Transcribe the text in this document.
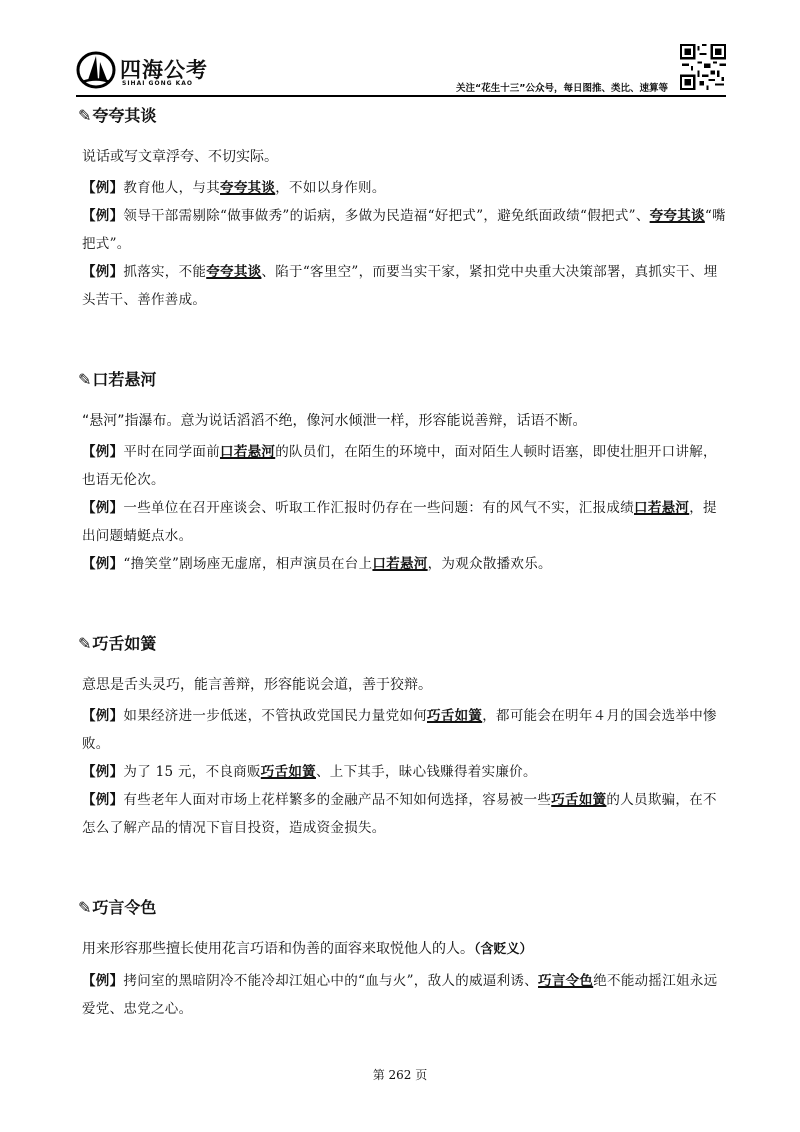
四海公考
SIHAI GONG KAO	关注“花生十三”公众号，每日图推、类比、速算等
✎夸夸其谈

说话或写文章浮夸、不切实际。

【例】教育他人，与其夸夸其谈，不如以身作则。

【例】领导干部需剔除“做事做秀”的诟病，多做为民造福“好把式”，避免纸面政绩“假把式”、夸夸其谈“嘴把式”。

【例】抓落实，不能夸夸其谈、陷于“客里空”，而要当实干家，紧扣党中央重大决策部署，真抓实干、埋头苦干、善作善成。

✎口若悬河

“悬河”指瀑布。意为说话滔滔不绝，像河水倾泄一样，形容能说善辩，话语不断。

【例】平时在同学面前口若悬河的队员们，在陌生的环境中，面对陌生人顿时语塞，即使壮胆开口讲解，也语无伦次。

【例】一些单位在召开座谈会、听取工作汇报时仍存在一些问题：有的风气不实，汇报成绩口若悬河，提出问题蜻蜓点水。

【例】“撸笑堂”剧场座无虚席，相声演员在台上口若悬河，为观众散播欢乐。

✎巧舌如簧

意思是舌头灵巧，能言善辩，形容能说会道，善于狡辩。

【例】如果经济进一步低迷，不管执政党国民力量党如何巧舌如簧，都可能会在明年４月的国会选举中惨败。

【例】为了 15 元，不良商贩巧舌如簧、上下其手，昧心钱赚得着实廉价。

【例】有些老年人面对市场上花样繁多的金融产品不知如何选择，容易被一些巧舌如簧的人员欺骗，在不怎么了解产品的情况下盲目投资，造成资金损失。

✎巧言令色

用来形容那些擅长使用花言巧语和伪善的面容来取悦他人的人。（含贬义）

【例】拷问室的黑暗阴冷不能冷却江姐心中的“血与火”，敌人的威逼利诱、巧言令色绝不能动摇江姐永远爱党、忠党之心。

第 262 页
